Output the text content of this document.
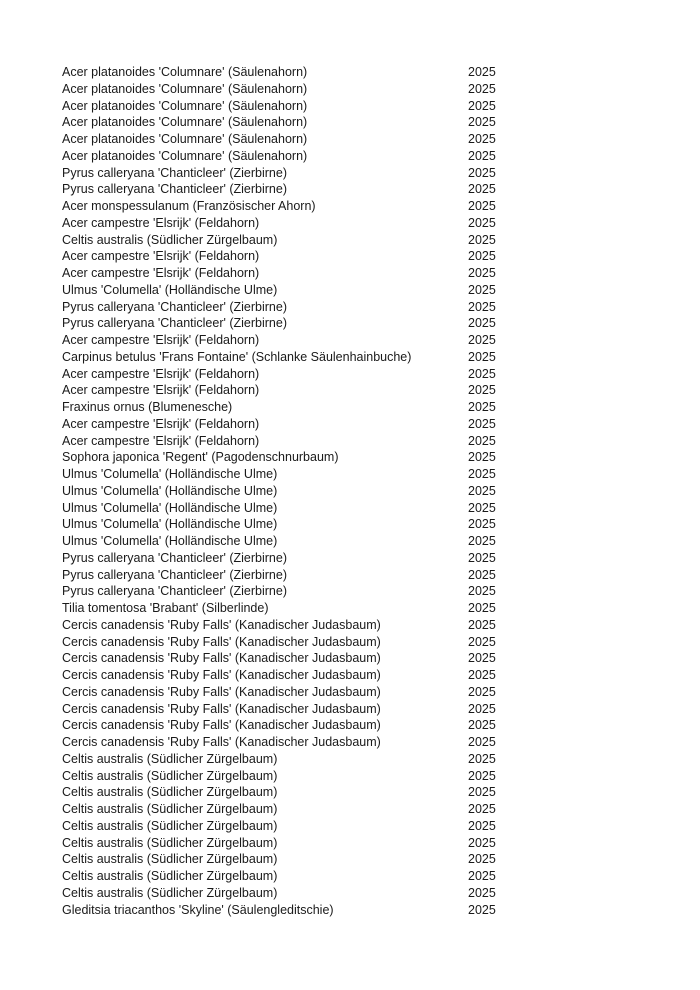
Acer platanoides 'Columnare' (Säulenahorn)	2025
Acer platanoides 'Columnare' (Säulenahorn)	2025
Acer platanoides 'Columnare' (Säulenahorn)	2025
Acer platanoides 'Columnare' (Säulenahorn)	2025
Acer platanoides 'Columnare' (Säulenahorn)	2025
Acer platanoides 'Columnare' (Säulenahorn)	2025
Pyrus calleryana 'Chanticleer' (Zierbirne)	2025
Pyrus calleryana 'Chanticleer' (Zierbirne)	2025
Acer monspessulanum (Französischer Ahorn)	2025
Acer campestre 'Elsrijk' (Feldahorn)	2025
Celtis australis (Südlicher Zürgelbaum)	2025
Acer campestre 'Elsrijk' (Feldahorn)	2025
Acer campestre 'Elsrijk' (Feldahorn)	2025
Ulmus 'Columella' (Holländische Ulme)	2025
Pyrus calleryana 'Chanticleer' (Zierbirne)	2025
Pyrus calleryana 'Chanticleer' (Zierbirne)	2025
Acer campestre 'Elsrijk' (Feldahorn)	2025
Carpinus betulus 'Frans Fontaine' (Schlanke Säulenhainbuche)	2025
Acer campestre 'Elsrijk' (Feldahorn)	2025
Acer campestre 'Elsrijk' (Feldahorn)	2025
Fraxinus ornus (Blumenesche)	2025
Acer campestre 'Elsrijk' (Feldahorn)	2025
Acer campestre 'Elsrijk' (Feldahorn)	2025
Sophora japonica 'Regent' (Pagodenschnurbaum)	2025
Ulmus 'Columella' (Holländische Ulme)	2025
Ulmus 'Columella' (Holländische Ulme)	2025
Ulmus 'Columella' (Holländische Ulme)	2025
Ulmus 'Columella' (Holländische Ulme)	2025
Ulmus 'Columella' (Holländische Ulme)	2025
Pyrus calleryana 'Chanticleer' (Zierbirne)	2025
Pyrus calleryana 'Chanticleer' (Zierbirne)	2025
Pyrus calleryana 'Chanticleer' (Zierbirne)	2025
Tilia tomentosa 'Brabant' (Silberlinde)	2025
Cercis canadensis 'Ruby Falls' (Kanadischer Judasbaum)	2025
Cercis canadensis 'Ruby Falls' (Kanadischer Judasbaum)	2025
Cercis canadensis 'Ruby Falls' (Kanadischer Judasbaum)	2025
Cercis canadensis 'Ruby Falls' (Kanadischer Judasbaum)	2025
Cercis canadensis 'Ruby Falls' (Kanadischer Judasbaum)	2025
Cercis canadensis 'Ruby Falls' (Kanadischer Judasbaum)	2025
Cercis canadensis 'Ruby Falls' (Kanadischer Judasbaum)	2025
Cercis canadensis 'Ruby Falls' (Kanadischer Judasbaum)	2025
Celtis australis (Südlicher Zürgelbaum)	2025
Celtis australis (Südlicher Zürgelbaum)	2025
Celtis australis (Südlicher Zürgelbaum)	2025
Celtis australis (Südlicher Zürgelbaum)	2025
Celtis australis (Südlicher Zürgelbaum)	2025
Celtis australis (Südlicher Zürgelbaum)	2025
Celtis australis (Südlicher Zürgelbaum)	2025
Celtis australis (Südlicher Zürgelbaum)	2025
Celtis australis (Südlicher Zürgelbaum)	2025
Gleditsia triacanthos 'Skyline' (Säulengleditschie)	2025
